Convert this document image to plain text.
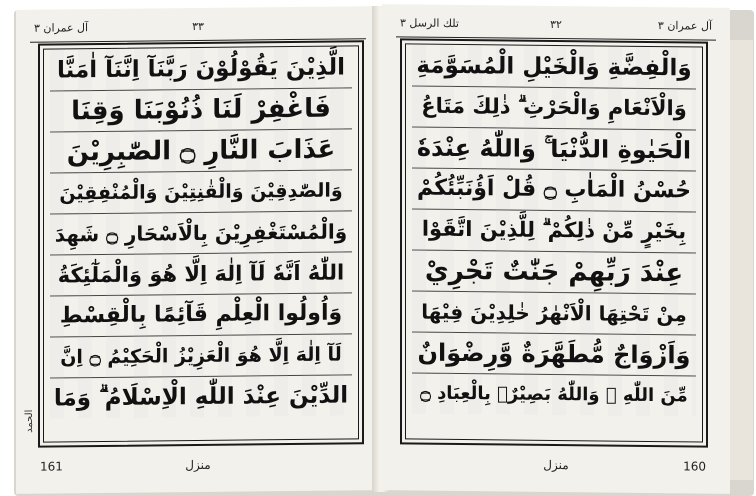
آل عمران ۳	۳۳
الحمد
الَّذِيْنَ يَقُوْلُوْنَ رَبَّنَآ اِنَّنَآ اٰمَنَّا
فَاغْفِرْ لَنَا ذُنُوْبَنَا وَقِنَا
عَذَابَ النَّارِ ۝ الصّٰبِرِيْنَ
وَالصّٰدِقِيْنَ وَالْقٰنِتِيْنَ وَالْمُنْفِقِيْنَ
وَالْمُسْتَغْفِرِيْنَ بِالْاَسْحَارِ ۝ شَهِدَ
اللّٰهُ اَنَّهٗ لَآ اِلٰهَ اِلَّا هُوَ وَالْمَلٰٓئِكَةُ
وَاُولُوا الْعِلْمِ قَآئِمًا بِالْقِسْطِ
لَآ اِلٰهَ اِلَّا هُوَ الْعَزِيْزُ الْحَكِيْمُ ۝ اِنَّ
الدِّيْنَ عِنْدَ اللّٰهِ الْاِسْلَامُ ۗ وَمَا
161	منزل
تلك الرسل ۳	۳۲	آل عمران ۳
وَالْفِضَّةِ وَالْخَيْلِ الْمُسَوَّمَةِ
وَالْاَنْعَامِ وَالْحَرْثِ ۗ ذٰلِكَ مَتَاعُ
الْحَيٰوةِ الدُّنْيَا ۚ وَاللّٰهُ عِنْدَهٗ
حُسْنُ الْمَاٰبِ ۝ قُلْ اَؤُنَبِّئُكُمْ
بِخَيْرٍ مِّنْ ذٰلِكُمْ ۗ لِلَّذِيْنَ اتَّقَوْا
عِنْدَ رَبِّهِمْ جَنّٰتٌ تَجْرِيْ
مِنْ تَحْتِهَا الْاَنْهٰرُ خٰلِدِيْنَ فِيْهَا
وَاَزْوَاجٌ مُّطَهَّرَةٌ وَّرِضْوَانٌ
مِّنَ اللّٰهِ ۗ وَاللّٰهُ بَصِيْرٌۢ بِالْعِبَادِ ۝
منزل	160
